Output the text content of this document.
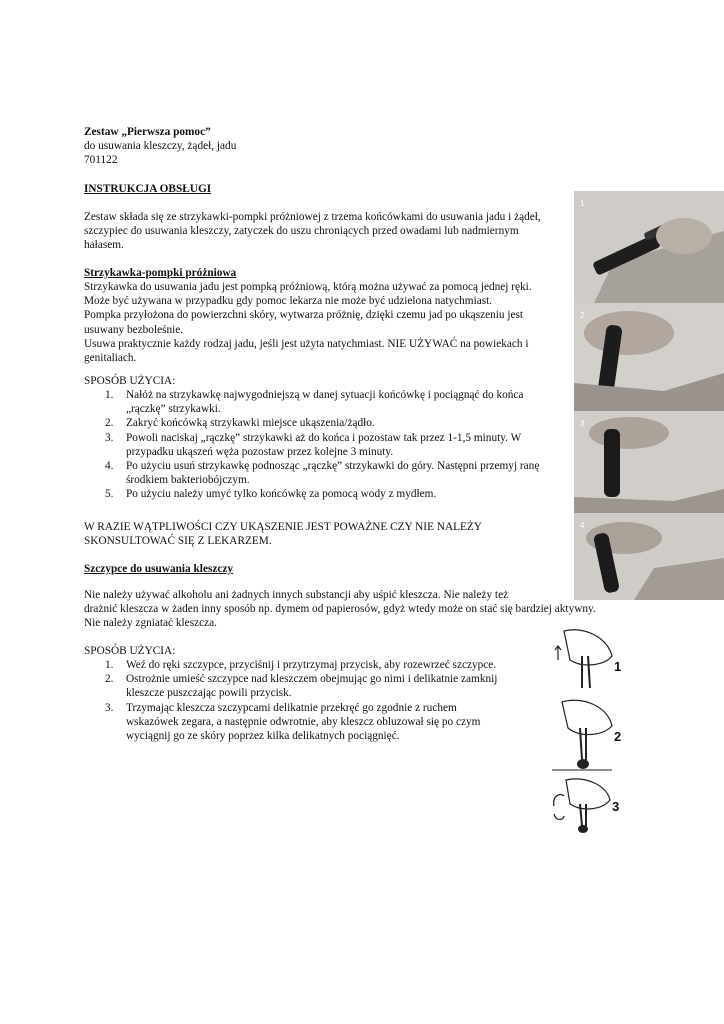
Zestaw „Pierwsza pomoc”
do usuwania kleszczy, żądeł, jadu
701122
INSTRUKCJA OBSŁUGI
Zestaw składa się ze strzykawki-pompki próżniowej z trzema końcówkami do usuwania jadu i żądeł,
szczypiec do usuwania kleszczy, zatyczek do uszu chroniących przed owadami lub nadmiernym
hałasem.
Strzykawka-pompki próżniowa
Strzykawka do usuwania jadu jest pompką próżniową, którą można używać za pomocą jednej ręki.
Może być używana w przypadku gdy pomoc lekarza nie może być udzielona natychmiast.
Pompka przyłożona do powierzchni skóry, wytwarza próżnię, dzięki czemu jad po ukąszeniu jest
usuwany bezboleśnie.
Usuwa praktycznie każdy rodzaj jadu, jeśli jest użyta natychmiast. NIE UŻYWAĆ na powiekach i
genitaliach.
SPOSÓB UŻYCIA:
1. Nałóż na strzykawkę najwygodniejszą w danej sytuacji końcówkę i pociągnąć do końca
„rączkę” strzykawki.
2. Zakryć końcówką strzykawki miejsce ukąszenia/żądło.
3. Powoli naciskaj „rączkę” strzykawki aż do końca i pozostaw tak przez 1-1,5 minuty. W
przypadku ukąszeń węża pozostaw przez kolejne 3 minuty.
4. Po użyciu usuń strzykawkę podnosząc „rączkę” strzykawki do góry. Następni przemyj ranę
środkiem bakteriobójczym.
5. Po użyciu należy umyć tylko końcówkę za pomocą wody z mydłem.
W RAZIE WĄTPLIWOŚCI CZY UKĄSZENIE JEST POWAŻNE CZY NIE NALEŻY
SKONSULTOWAĆ SIĘ Z LEKARZEM.
Szczypce do usuwania kleszczy
Nie należy używać alkoholu ani żadnych innych substancji aby uśpić kleszcza. Nie należy też
drażnić kleszcza w żaden inny sposób np. dymem od papierosów, gdyż wtedy może on stać się bardziej aktywny.
Nie należy zgniatać kleszcza.
SPOSÓB UŻYCIA:
1. Weź do ręki szczypce, przyciśnij i przytrzymaj przycisk, aby rozewrzeć szczypce.
2. Ostrożnie umieść szczypce nad kleszczem obejmując go nimi i delikatnie zamknij
kleszcze puszczając powili przycisk.
3. Trzymając kleszcza szczypcami delikatnie przekręć go zgodnie z ruchem
wskazówek zegara, a następnie odwrotnie, aby kleszcz obluzował się po czym
wyciągnij go ze skóry poprzez kilka delikatnych pociągnięć.
1
2
3
4
1
2
3
